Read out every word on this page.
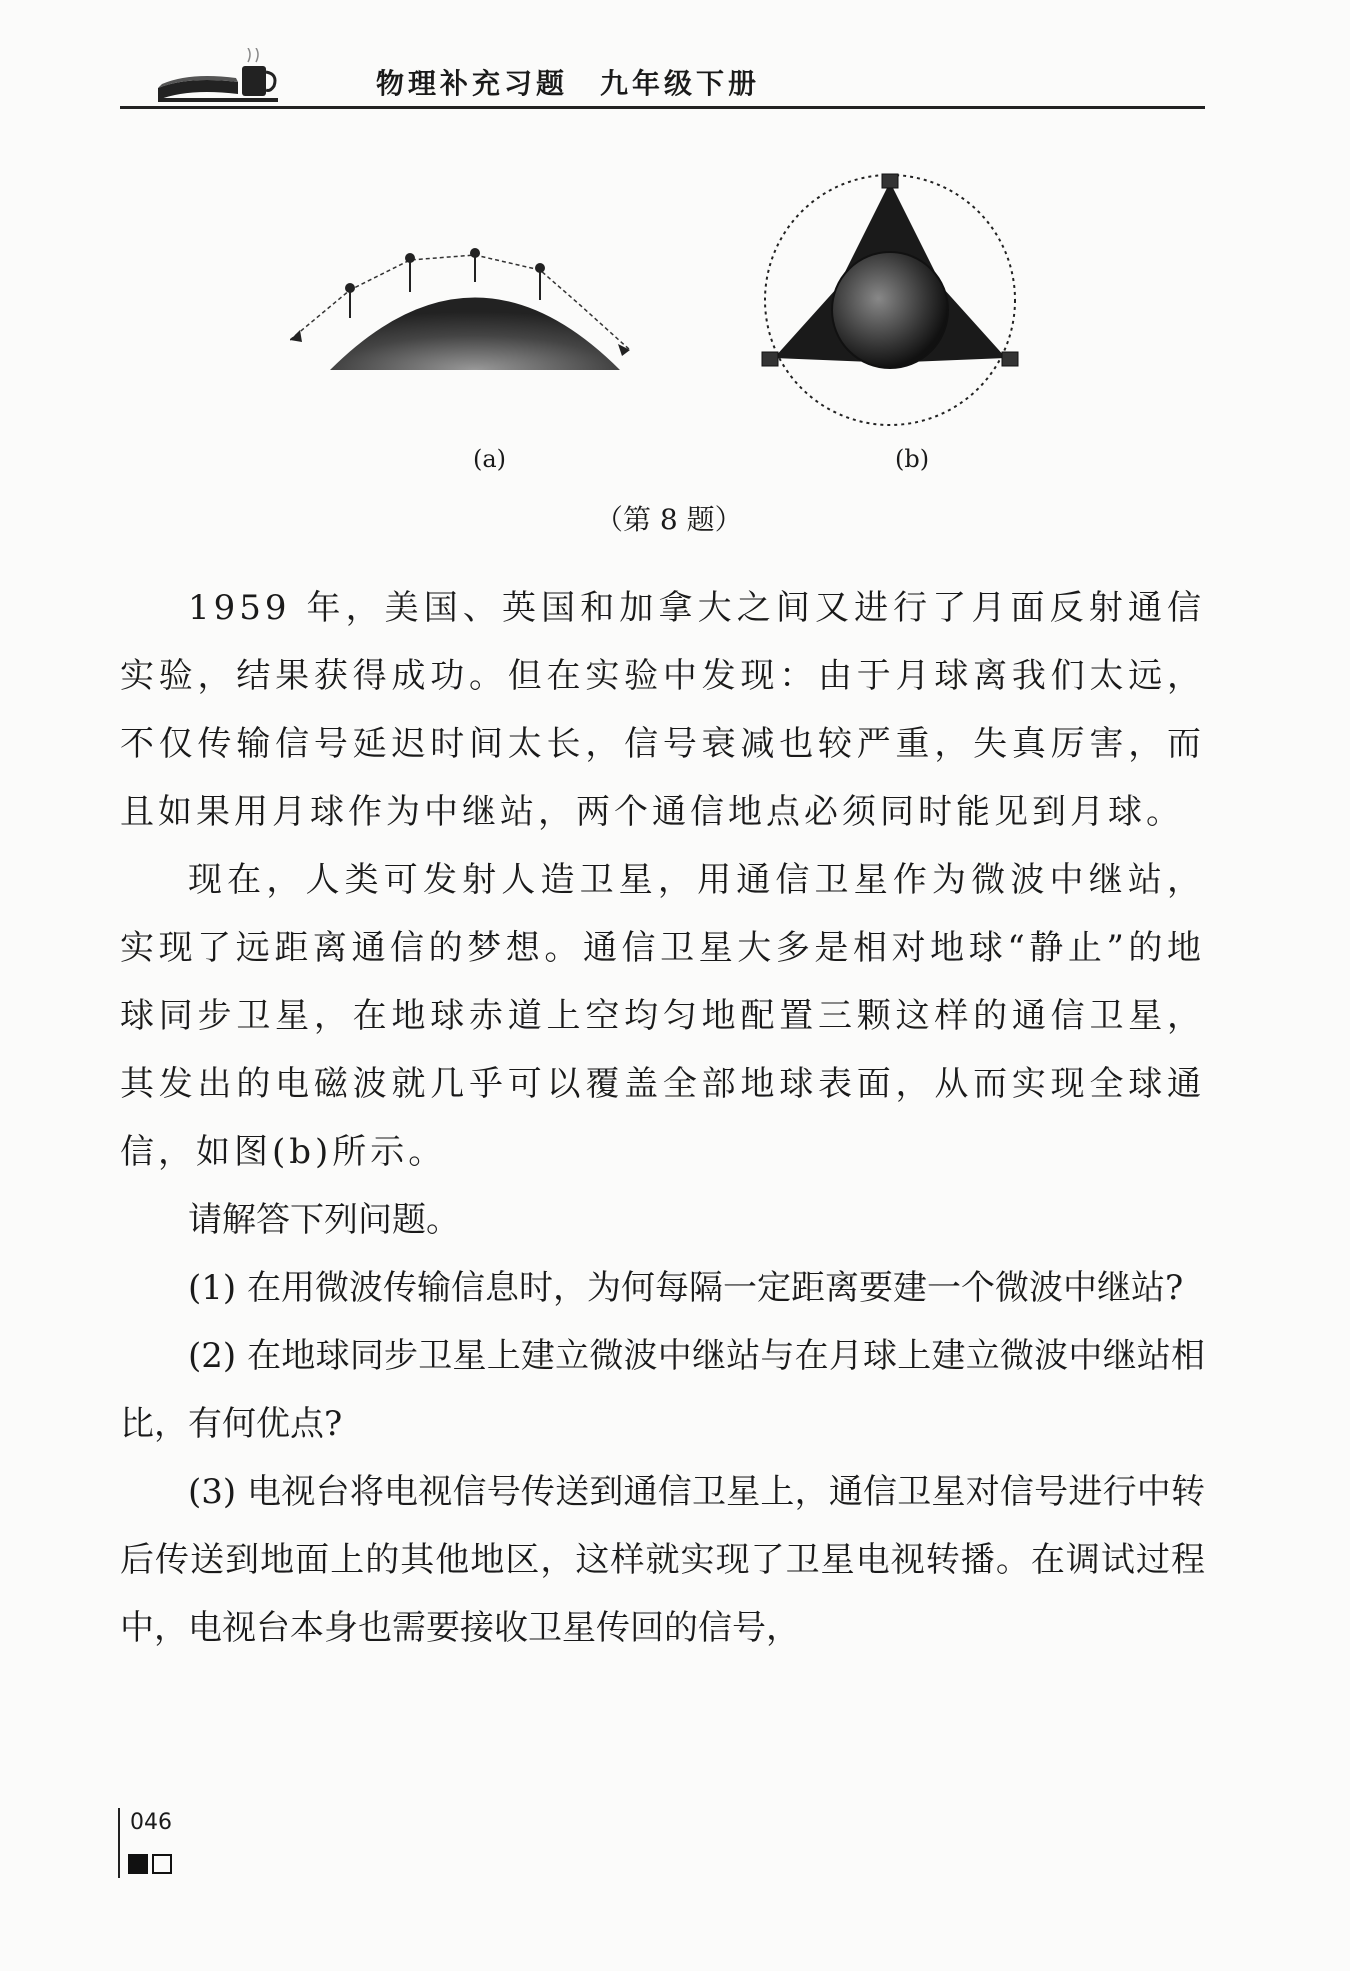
物理补充习题　九年级下册
(a)	(b)
（第 8 题）

1959 年，美国、英国和加拿大之间又进行了月面反射通信实验，结果获得成功。但在实验中发现：由于月球离我们太远，不仅传输信号延迟时间太长，信号衰减也较严重，失真厉害，而且如果用月球作为中继站，两个通信地点必须同时能见到月球。

现在，人类可发射人造卫星，用通信卫星作为微波中继站，实现了远距离通信的梦想。通信卫星大多是相对地球“静止”的地球同步卫星，在地球赤道上空均匀地配置三颗这样的通信卫星，其发出的电磁波就几乎可以覆盖全部地球表面，从而实现全球通信，如图(b)所示。

请解答下列问题。

(1) 在用微波传输信息时，为何每隔一定距离要建一个微波中继站?

(2) 在地球同步卫星上建立微波中继站与在月球上建立微波中继站相比，有何优点?

(3) 电视台将电视信号传送到通信卫星上，通信卫星对信号进行中转后传送到地面上的其他地区，这样就实现了卫星电视转播。在调试过程中，电视台本身也需要接收卫星传回的信号，

046
